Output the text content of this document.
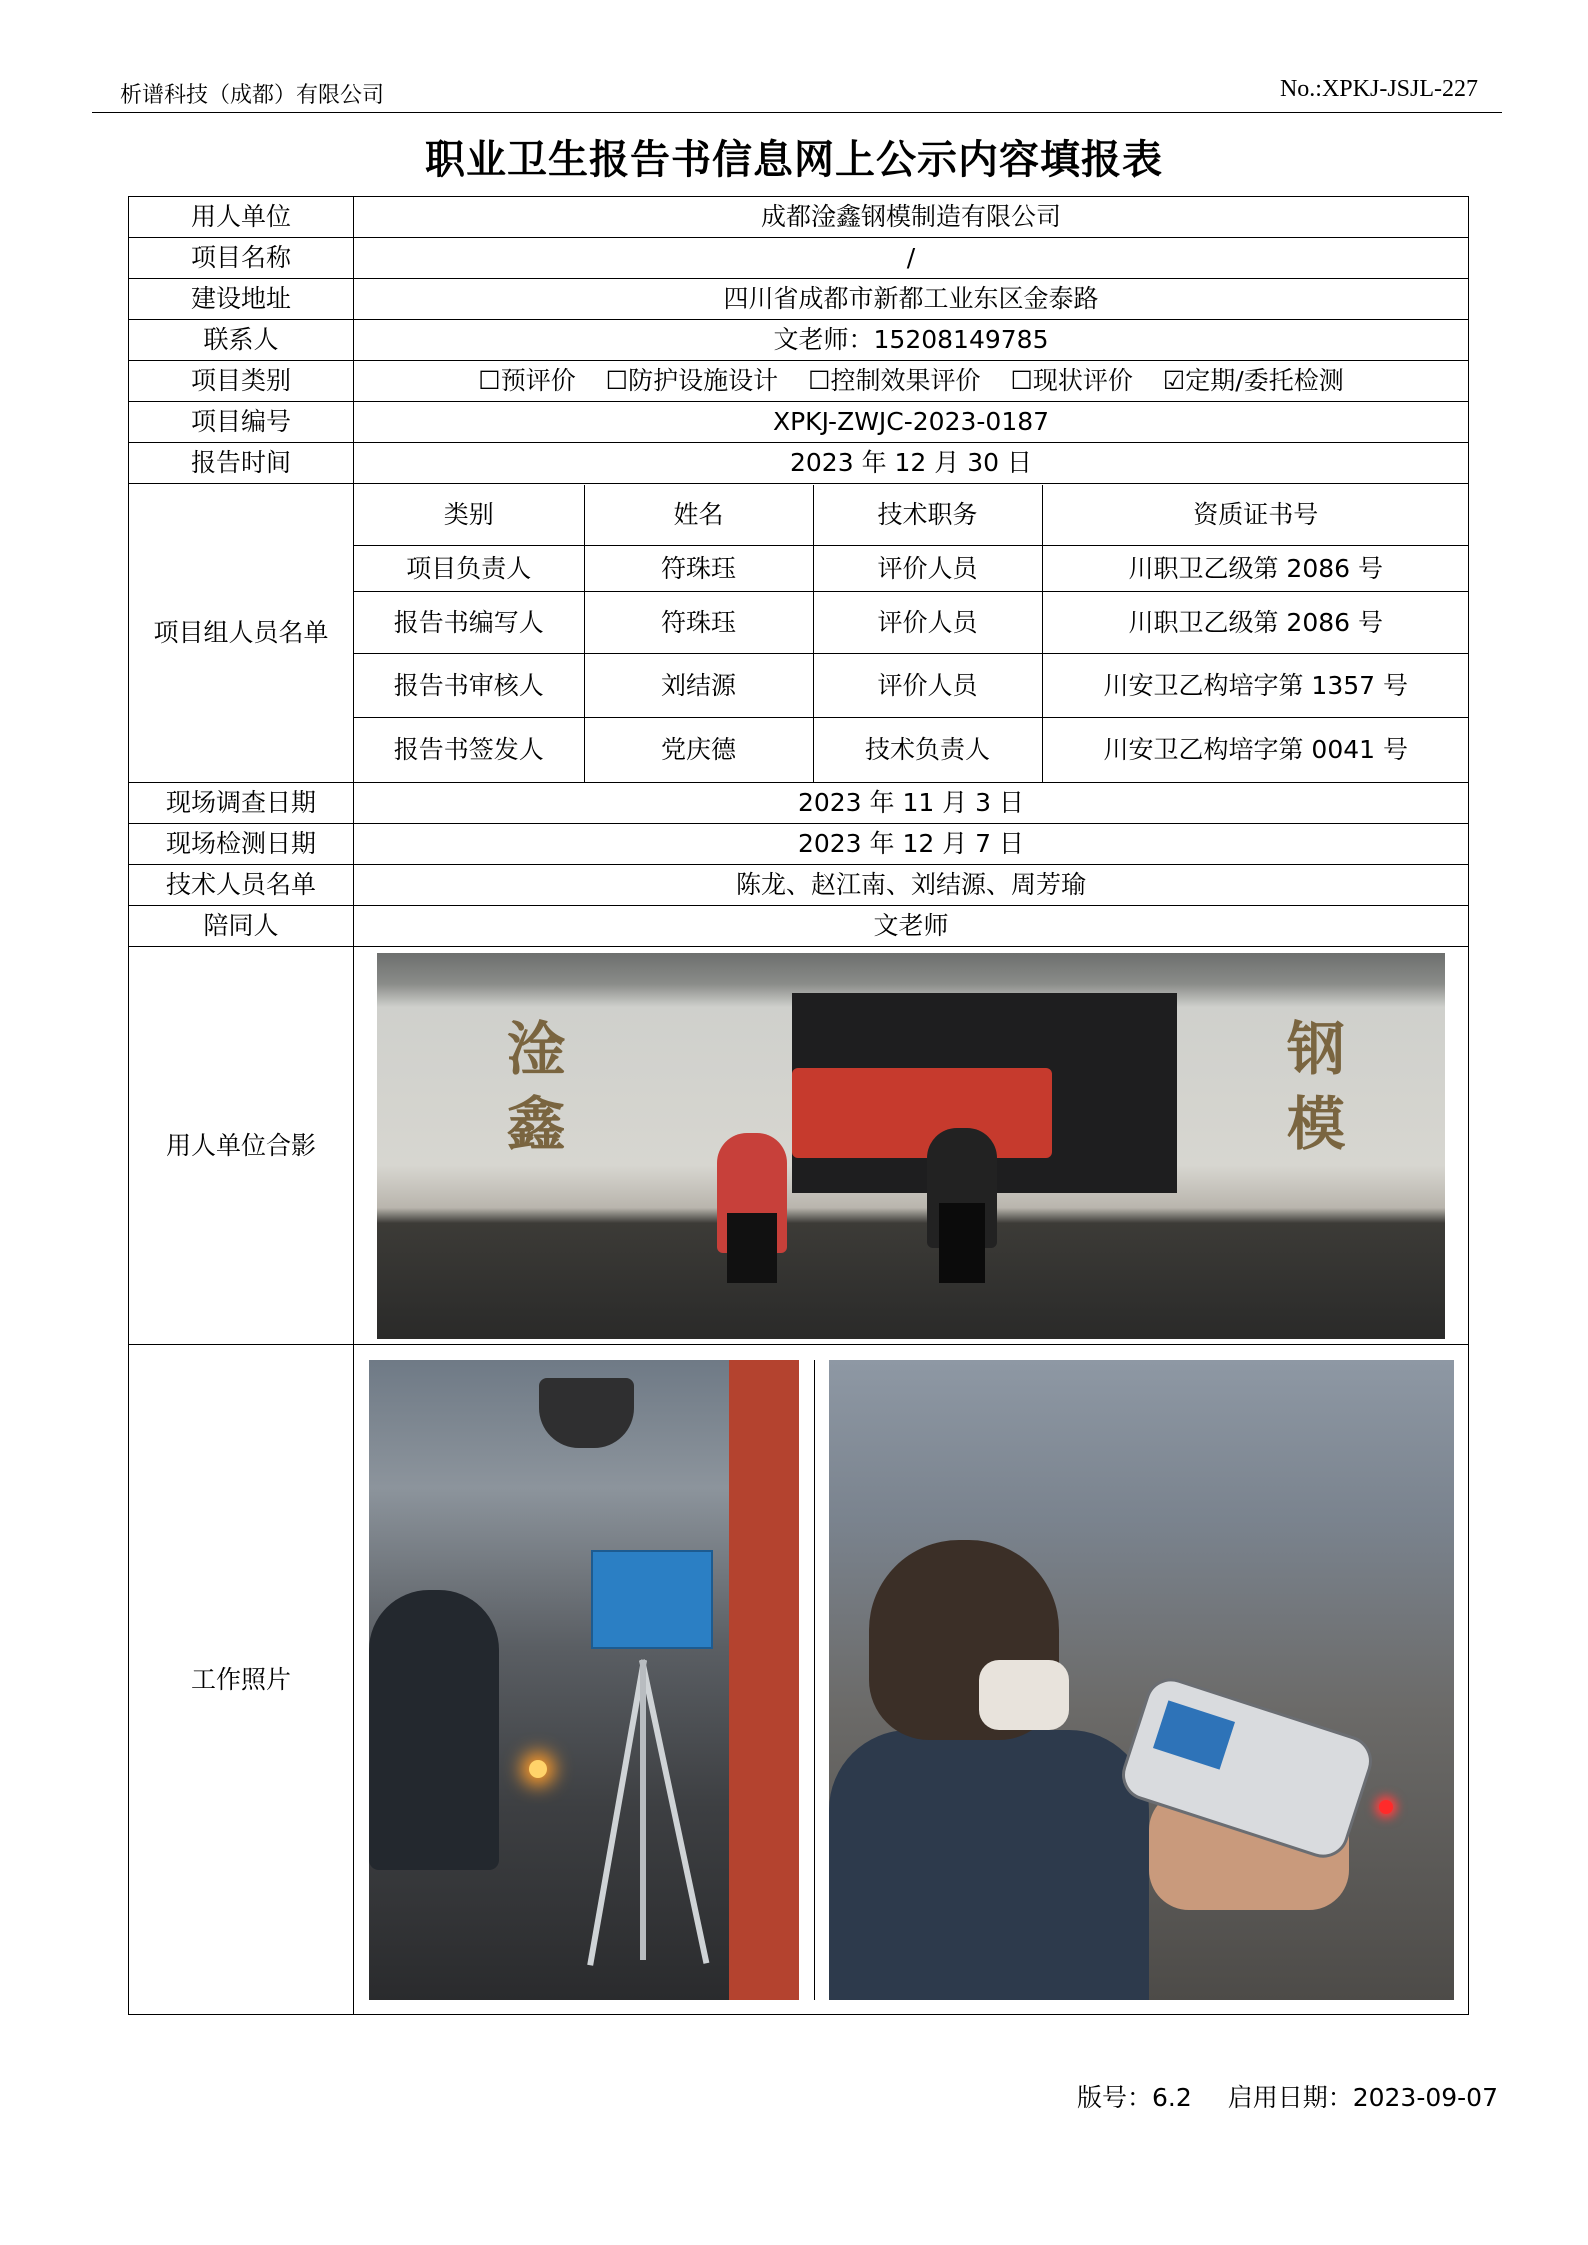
析谱科技（成都）有限公司	No.:XPKJ-JSJL-227
职业卫生报告书信息网上公示内容填报表
用人单位	成都淦鑫钢模制造有限公司
项目名称	/
建设地址	四川省成都市新都工业东区金泰路
联系人	文老师：15208149785
项目类别	☐预评价 ☐防护设施设计 ☐控制效果评价 ☐现状评价 ☑定期/委托检测
项目编号	XPKJ-ZWJC-2023-0187
报告时间	2023 年 12 月 30 日
项目组人员名单	
类别	姓名	技术职务	资质证书号
项目负责人	符珠珏	评价人员	川职卫乙级第 2086 号
报告书编写人	符珠珏	评价人员	川职卫乙级第 2086 号
报告书审核人	刘结源	评价人员	川安卫乙构培字第 1357 号
报告书签发人	党庆德	技术负责人	川安卫乙构培字第 0041 号

现场调查日期	2023 年 11 月 3 日
现场检测日期	2023 年 12 月 7 日
技术人员名单	陈龙、赵江南、刘结源、周芳瑜
陪同人	文老师
用人单位合影	
淦
鑫
钢
模

工作照片	

版号：6.2 启用日期：2023-09-07
